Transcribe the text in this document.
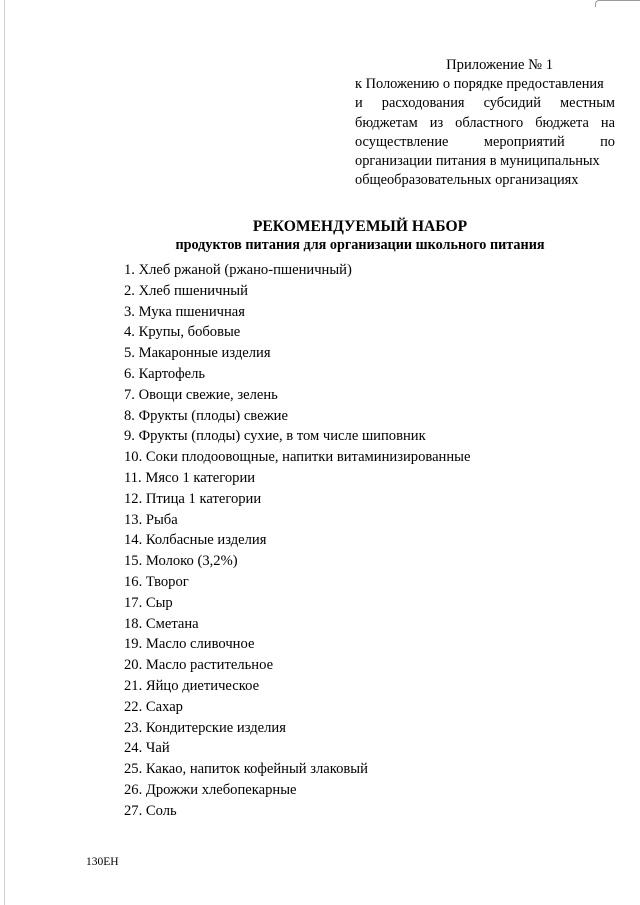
Приложение № 1
к Положению о порядке предоставления
и расходования субсидий местным
бюджетам из областного бюджета на
осуществление мероприятий по
организации питания в муниципальных
общеобразовательных организациях
РЕКОМЕНДУЕМЫЙ НАБОР
продуктов питания для организации школьного питания
1. Хлеб ржаной (ржано-пшеничный)
2. Хлеб пшеничный
3. Мука пшеничная
4. Крупы, бобовые
5. Макаронные изделия
6. Картофель
7. Овощи свежие, зелень
8. Фрукты (плоды) свежие
9. Фрукты (плоды) сухие, в том числе шиповник
10. Соки плодоовощные, напитки витаминизированные
11. Мясо 1 категории
12. Птица 1 категории
13. Рыба
14. Колбасные изделия
15. Молоко (3,2%)
16. Творог
17. Сыр
18. Сметана
19. Масло сливочное
20. Масло растительное
21. Яйцо диетическое
22. Сахар
23. Кондитерские изделия
24. Чай
25. Какао, напиток кофейный злаковый
26. Дрожжи хлебопекарные
27. Соль
130EH
